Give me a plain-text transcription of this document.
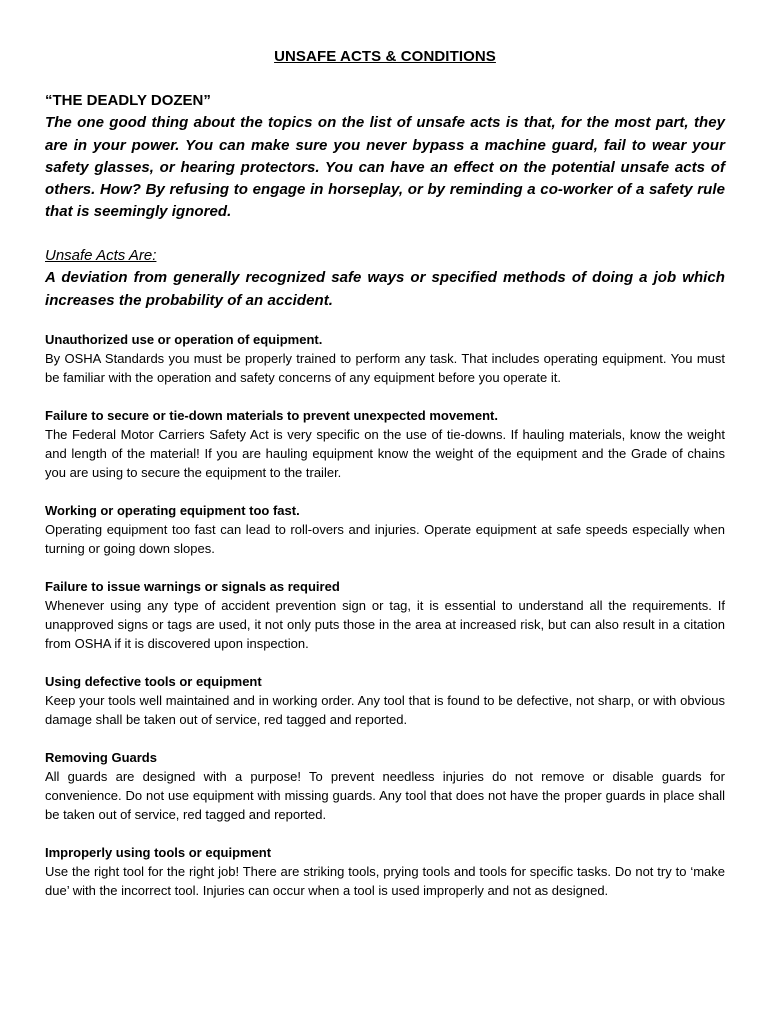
UNSAFE ACTS & CONDITIONS

“THE DEADLY DOZEN”

The one good thing about the topics on the list of unsafe acts is that, for the most part, they are in your power. You can make sure you never bypass a machine guard, fail to wear your safety glasses, or hearing protectors. You can have an effect on the potential unsafe acts of others. How? By refusing to engage in horseplay, or by reminding a co-worker of a safety rule that is seemingly ignored.

Unsafe Acts Are:

A deviation from generally recognized safe ways or specified methods of doing a job which increases the probability of an accident.

Unauthorized use or operation of equipment.

By OSHA Standards you must be properly trained to perform any task. That includes operating equipment. You must be familiar with the operation and safety concerns of any equipment before you operate it.

Failure to secure or tie-down materials to prevent unexpected movement.

The Federal Motor Carriers Safety Act is very specific on the use of tie-downs. If hauling materials, know the weight and length of the material! If you are hauling equipment know the weight of the equipment and the Grade of chains you are using to secure the equipment to the trailer.

Working or operating equipment too fast.

Operating equipment too fast can lead to roll-overs and injuries. Operate equipment at safe speeds especially when turning or going down slopes.

Failure to issue warnings or signals as required

Whenever using any type of accident prevention sign or tag, it is essential to understand all the requirements. If unapproved signs or tags are used, it not only puts those in the area at increased risk, but can also result in a citation from OSHA if it is discovered upon inspection.

Using defective tools or equipment

Keep your tools well maintained and in working order. Any tool that is found to be defective, not sharp, or with obvious damage shall be taken out of service, red tagged and reported.

Removing Guards

All guards are designed with a purpose! To prevent needless injuries do not remove or disable guards for convenience. Do not use equipment with missing guards. Any tool that does not have the proper guards in place shall be taken out of service, red tagged and reported.

Improperly using tools or equipment

Use the right tool for the right job! There are striking tools, prying tools and tools for specific tasks. Do not try to ‘make due’ with the incorrect tool. Injuries can occur when a tool is used improperly and not as designed.
